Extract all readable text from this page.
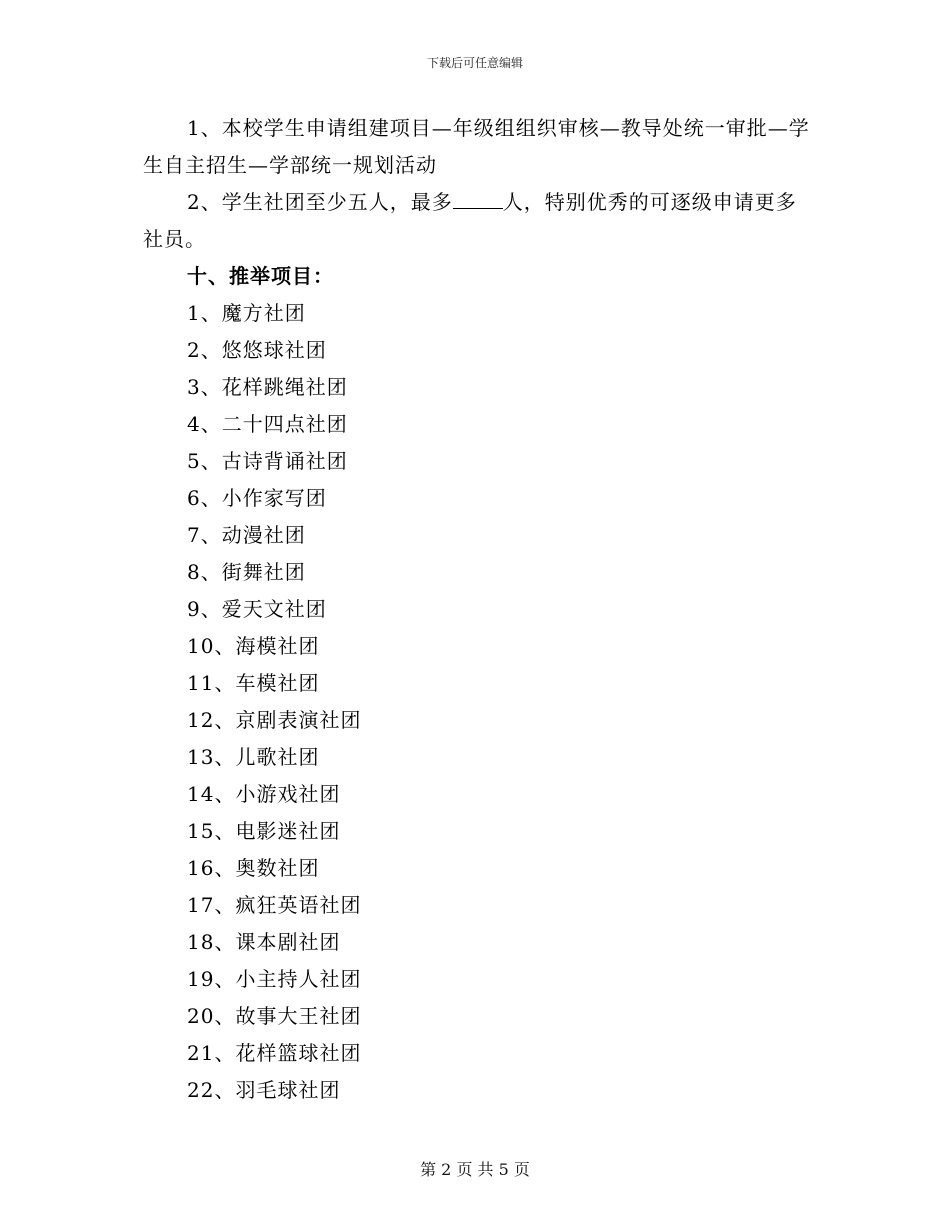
下载后可任意编辑

1、本校学生申请组建项目—年级组组织审核—教导处统一审批—学生自主招生—学部统一规划活动

2、学生社团至少五人，最多	人，特别优秀的可逐级申请更多社员。

十、推举项目：
1、魔方社团
2、悠悠球社团
3、花样跳绳社团
4、二十四点社团
5、古诗背诵社团
6、小作家写团
7、动漫社团
8、街舞社团
9、爱天文社团
10、海模社团
11、车模社团
12、京剧表演社团
13、儿歌社团
14、小游戏社团
15、电影迷社团
16、奥数社团
17、疯狂英语社团
18、课本剧社团
19、小主持人社团
20、故事大王社团
21、花样篮球社团
22、羽毛球社团
第 2 页 共 5 页
